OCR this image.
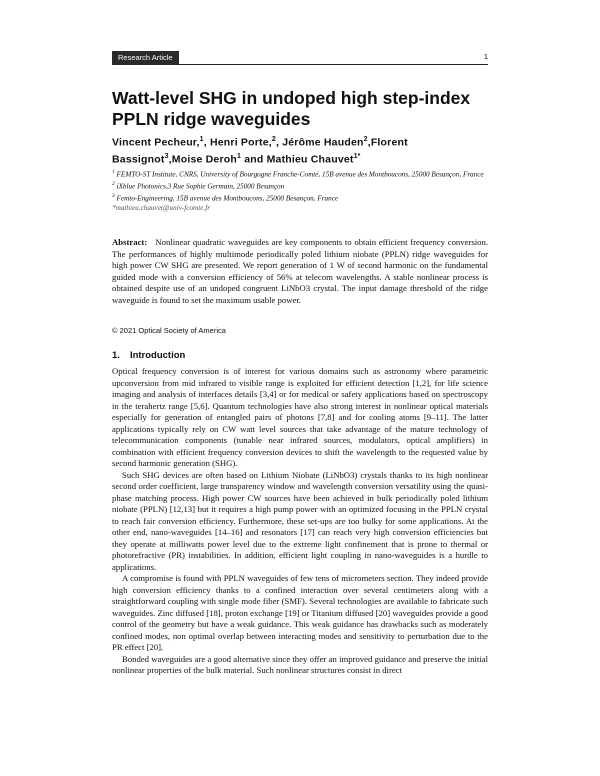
Research Article	1
Watt-level SHG in undoped high step-index PPLN ridge waveguides
Vincent Pecheur,$^1$, Henri Porte,$^2$, Jérôme Hauden$^2$,Florent Bassignot$^3$,Moise Deroh$^1$ and Mathieu Chauvet$^{1*}$

$^1$ FEMTO-ST Institute, CNRS, University of Bourgogne Franche-Comté, 15B avenue des Montboucons, 25000 Besançon, France

$^2$ iXblue Photonics,3 Rue Sophie Germain, 25000 Besançon

$^3$ Femto-Engineering, 15B avenue des Montboucons, 25000 Besançon, France

*mathieu.chauvet@univ-fcomte.fr

Abstract: Nonlinear quadratic waveguides are key components to obtain efficient frequency conversion. The performances of highly multimode periodically poled lithium niobate (PPLN) ridge waveguides for high power CW SHG are presented. We report generation of 1 W of second harmonic on the fundamental guided mode with a conversion efficiency of 56% at telecom wavelengths. A stable nonlinear process is obtained despite use of an undoped congruent LiNbO3 crystal. The input damage threshold of the ridge waveguide is found to set the maximum usable power.

© 2021 Optical Society of America
1. Introduction

Optical frequency conversion is of interest for various domains such as astronomy where parametric upconversion from mid infrared to visible range is exploited for efficient detection [1,2], for life science imaging and analysis of interfaces details [3,4] or for medical or safety applications based on spectroscopy in the terahertz range [5,6]. Quantum technologies have also strong interest in nonlinear optical materials especially for generation of entangled pairs of photons [7,8] and for cooling atoms [9–11]. The latter applications typically rely on CW watt level sources that take advantage of the mature technology of telecommunication components (tunable near infrared sources, modulators, optical amplifiers) in combination with efficient frequency conversion devices to shift the wavelength to the requested value by second harmonic generation (SHG).

Such SHG devices are often based on Lithium Niobate (LiNbO3) crystals thanks to its high nonlinear second order coefficient, large transparency window and wavelength conversion versatility using the quasi-phase matching process. High power CW sources have been achieved in bulk periodically poled lithium niobate (PPLN) [12,13] but it requires a high pump power with an optimized focusing in the PPLN crystal to reach fair conversion efficiency. Furthermore, these set-ups are too bulky for some applications. At the other end, nano-waveguides [14–16] and resonators [17] can reach very high conversion efficiencies but they operate at milliwatts power level due to the extreme light confinement that is prone to thermal or photorefractive (PR) instabilities. In addition, efficient light coupling in nano-waveguides is a hurdle to applications.

A compromise is found with PPLN waveguides of few tens of micrometers section. They indeed provide high conversion efficiency thanks to a confined interaction over several centimeters along with a straightforward coupling with single mode fiber (SMF). Several technologies are available to fabricate such waveguides. Zinc diffused [18], proton exchange [19] or Titanium diffused [20] waveguides provide a good control of the geometry but have a weak guidance. This weak guidance has drawbacks such as moderately confined modes, non optimal overlap between interacting modes and sensitivity to perturbation due to the PR effect [20].

Bonded waveguides are a good alternative since they offer an improved guidance and preserve the initial nonlinear properties of the bulk material. Such nonlinear structures consist in direct
